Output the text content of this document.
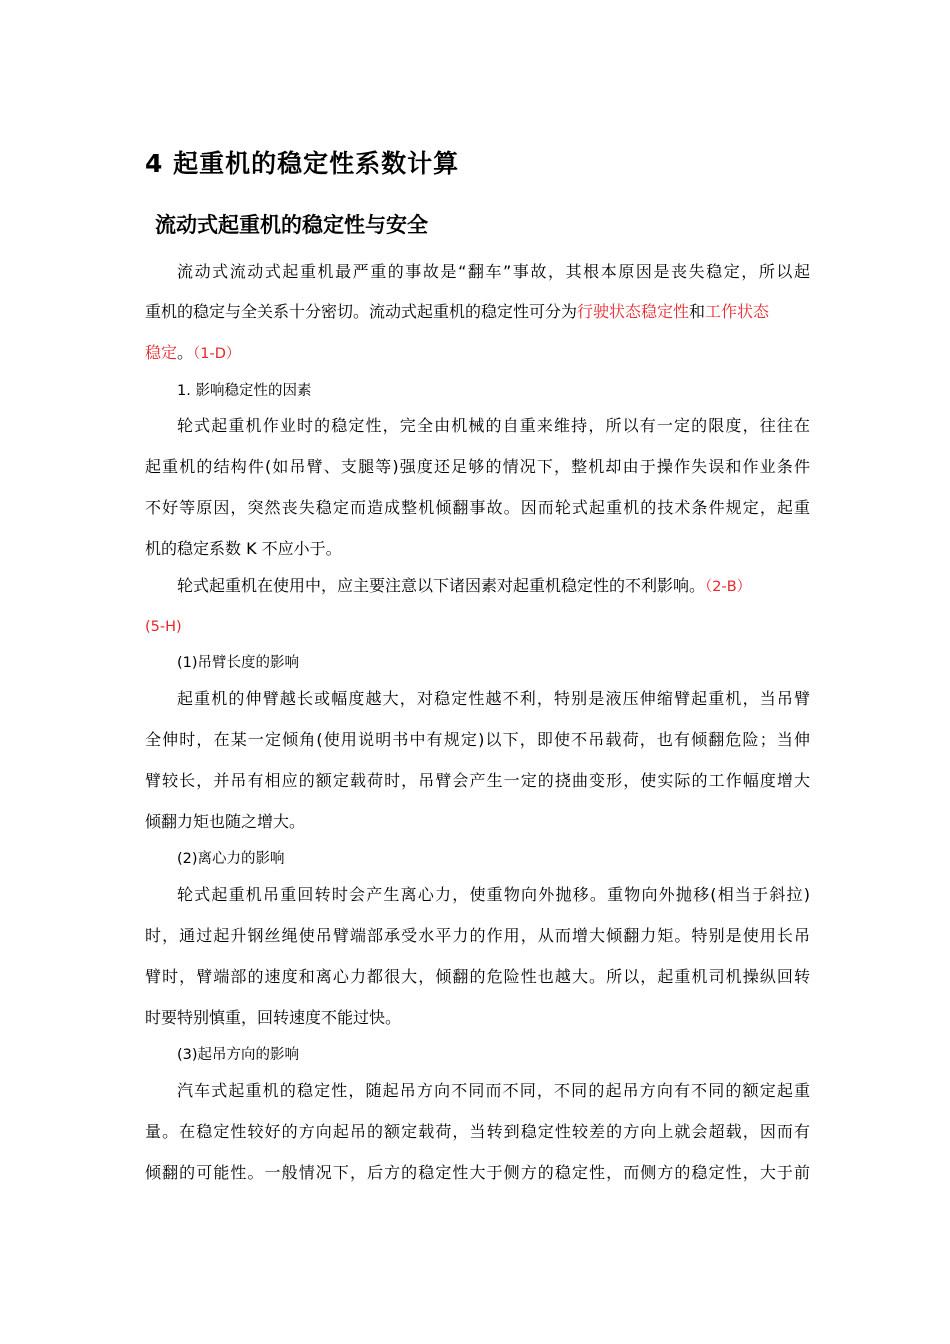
4 起重机的稳定性系数计算
流动式起重机的稳定性与安全
流动式流动式起重机最严重的事故是“翻车”事故，其根本原因是丧失稳定，所以起
重机的稳定与全关系十分密切。流动式起重机的稳定性可分为行驶状态稳定性和工作状态
稳定。（1-D）
1. 影响稳定性的因素
轮式起重机作业时的稳定性，完全由机械的自重来维持，所以有一定的限度，往往在
起重机的结构件(如吊臂、支腿等)强度还足够的情况下，整机却由于操作失误和作业条件
不好等原因，突然丧失稳定而造成整机倾翻事故。因而轮式起重机的技术条件规定，起重
机的稳定系数 K 不应小于。
轮式起重机在使用中，应主要注意以下诸因素对起重机稳定性的不利影响。（2-B）
(5-H)
(1)吊臂长度的影响
起重机的伸臂越长或幅度越大，对稳定性越不利，特别是液压伸缩臂起重机，当吊臂
全伸时，在某一定倾角(使用说明书中有规定)以下，即使不吊载荷，也有倾翻危险；当伸
臂较长，并吊有相应的额定载荷时，吊臂会产生一定的挠曲变形，使实际的工作幅度增大
倾翻力矩也随之增大。
(2)离心力的影响
轮式起重机吊重回转时会产生离心力，使重物向外抛移。重物向外抛移(相当于斜拉)
时，通过起升钢丝绳使吊臂端部承受水平力的作用，从而增大倾翻力矩。特别是使用长吊
臂时，臂端部的速度和离心力都很大，倾翻的危险性也越大。所以，起重机司机操纵回转
时要特别慎重，回转速度不能过快。
(3)起吊方向的影响
汽车式起重机的稳定性，随起吊方向不同而不同，不同的起吊方向有不同的额定起重
量。在稳定性较好的方向起吊的额定载荷，当转到稳定性较差的方向上就会超载，因而有
倾翻的可能性。一般情况下，后方的稳定性大于侧方的稳定性，而侧方的稳定性，大于前
